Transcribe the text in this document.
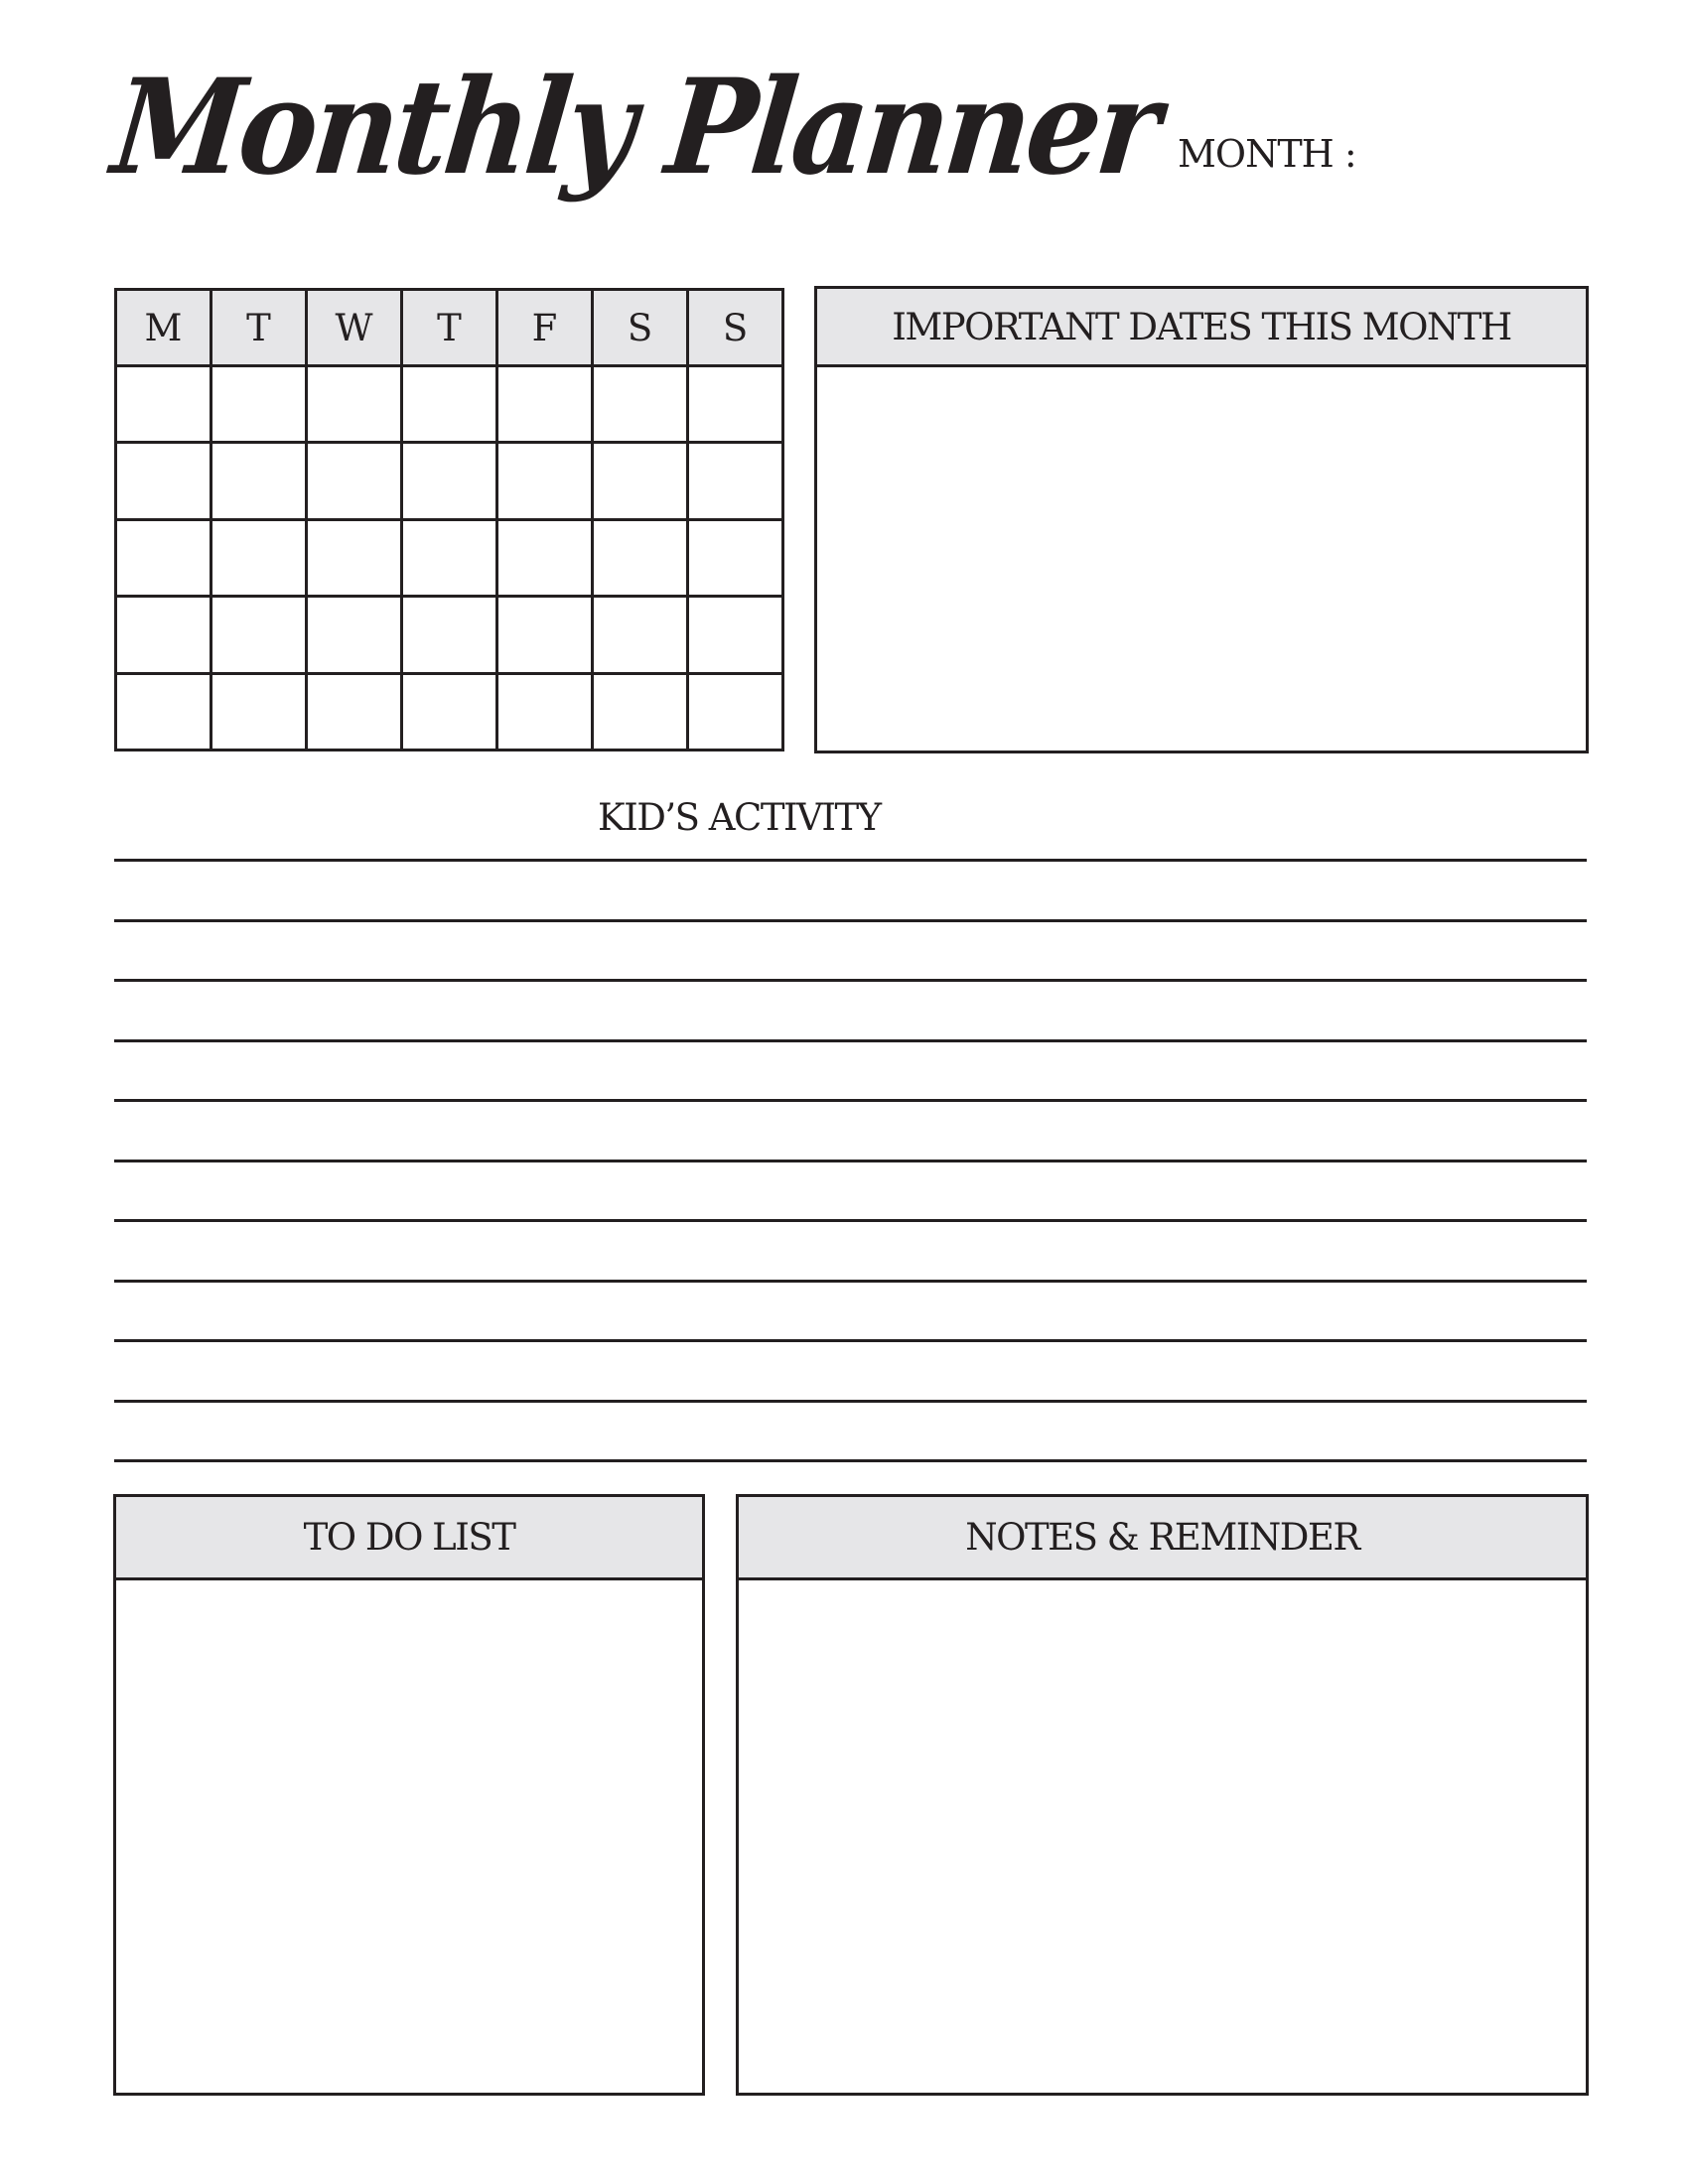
Monthly Planner MONTH :
M	T	W	T	F	S	S

							IMPORTANT DATES THIS MONTH
KID’S ACTIVITY
TO DO LIST	NOTES & REMINDER
